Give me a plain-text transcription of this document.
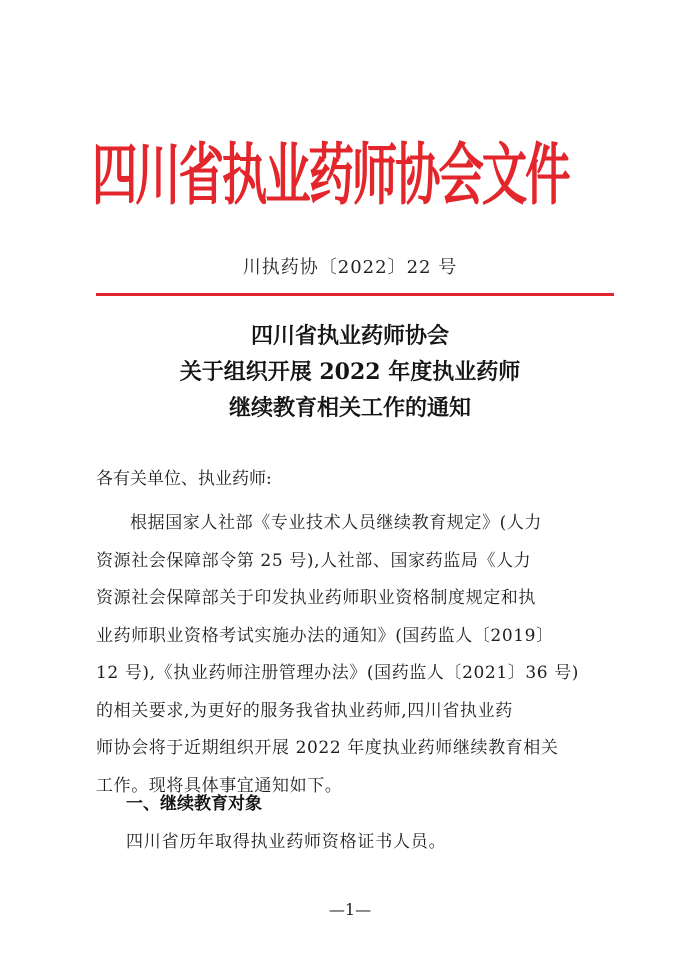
四川省执业药师协会文件
川执药协〔2022〕22 号
四川省执业药师协会
关于组织开展 2022 年度执业药师
继续教育相关工作的通知
各有关单位、执业药师:
根据国家人社部《专业技术人员继续教育规定》(人力
资源社会保障部令第 25 号),人社部、国家药监局《人力
资源社会保障部关于印发执业药师职业资格制度规定和执
业药师职业资格考试实施办法的通知》(国药监人〔2019〕
12 号),《执业药师注册管理办法》(国药监人〔2021〕36 号)
的相关要求,为更好的服务我省执业药师,四川省执业药
师协会将于近期组织开展 2022 年度执业药师继续教育相关
工作。现将具体事宜通知如下。
一、继续教育对象
四川省历年取得执业药师资格证书人员。
—1—
